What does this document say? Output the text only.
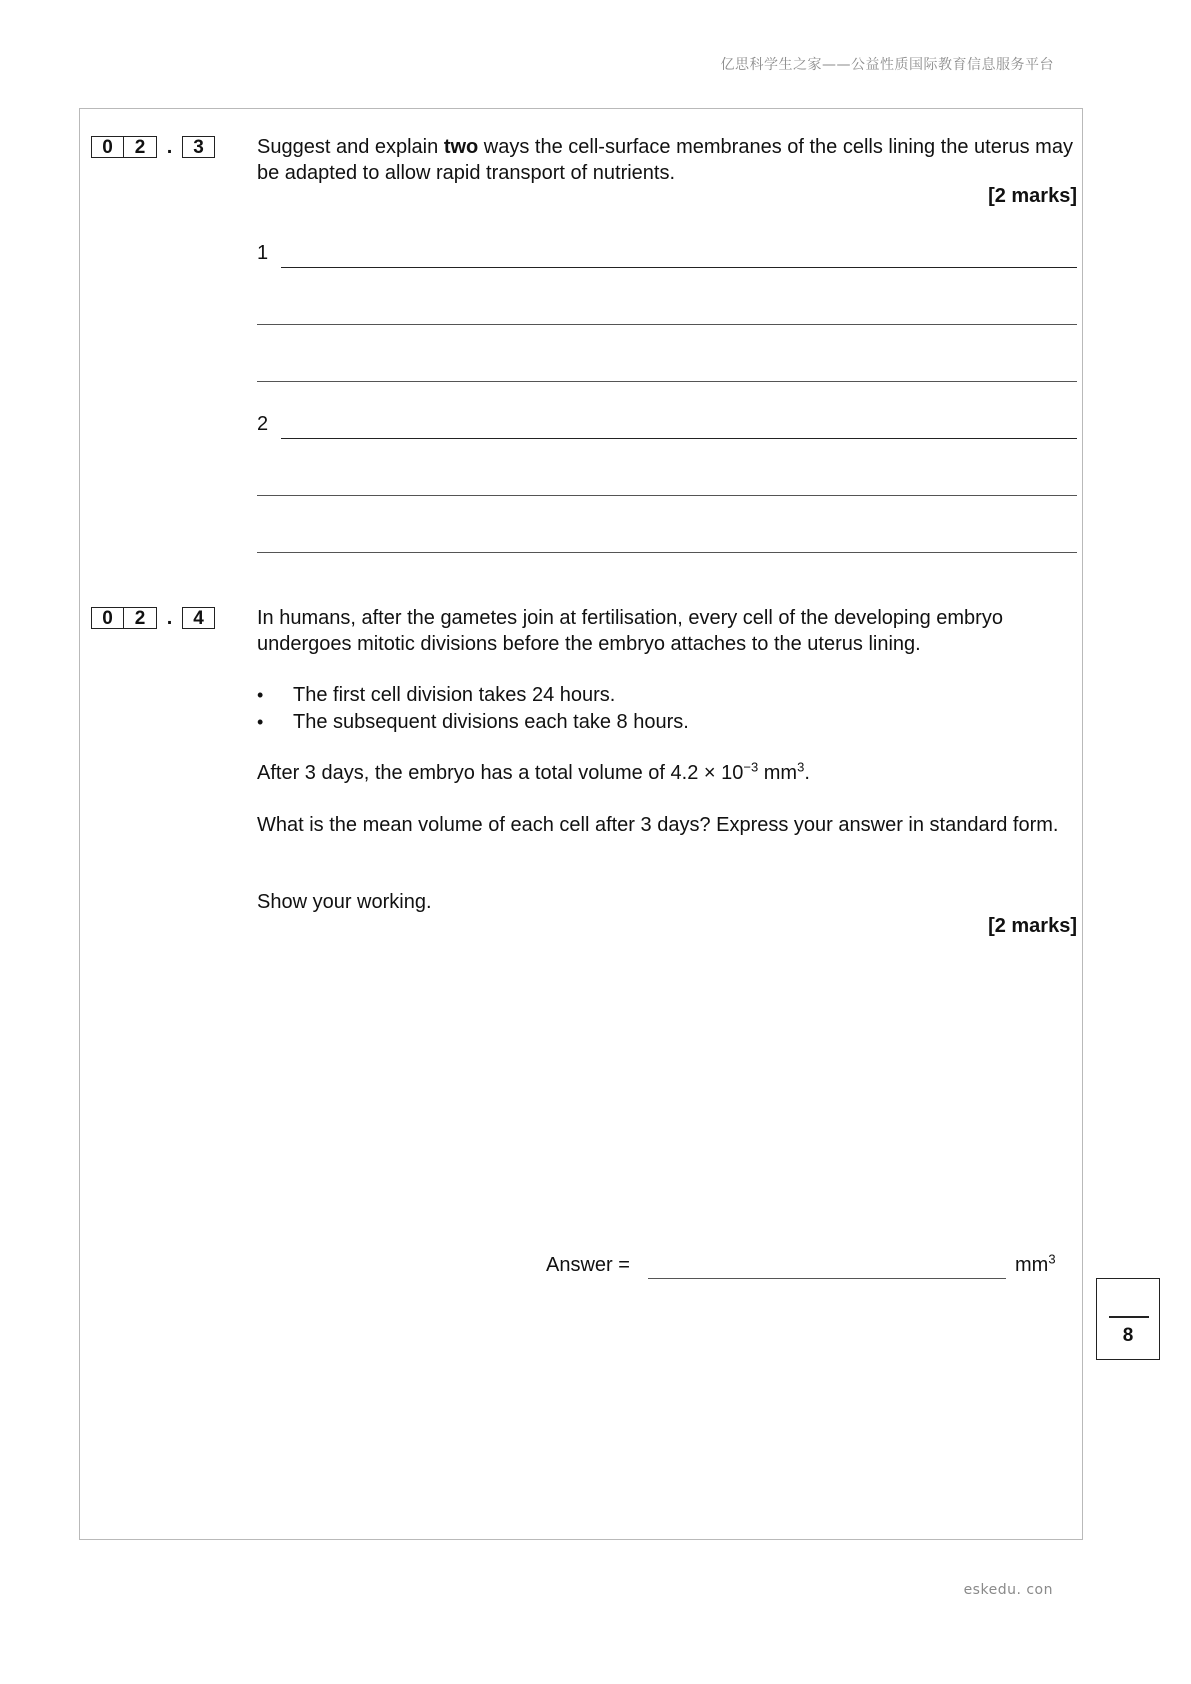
亿思科学生之家——公益性质国际教育信息服务平台
0	2	.	3	Suggest and explain two ways the cell-surface membranes of the cells lining the uterus may be adapted to allow rapid transport of nutrients.
[2 marks]
1
2
0	2	.	4	In humans, after the gametes join at fertilisation, every cell of the developing embryo undergoes mitotic divisions before the embryo attaches to the uterus lining.
• The first cell division takes 24 hours.
• The subsequent divisions each take 8 hours.
After 3 days, the embryo has a total volume of $4.2 \times 10^{-3}$ $mm^3$.
What is the mean volume of each cell after 3 days? Express your answer in standard form.
Show your working.
[2 marks]
Answer =	$mm^3$
8
eskedu. con
